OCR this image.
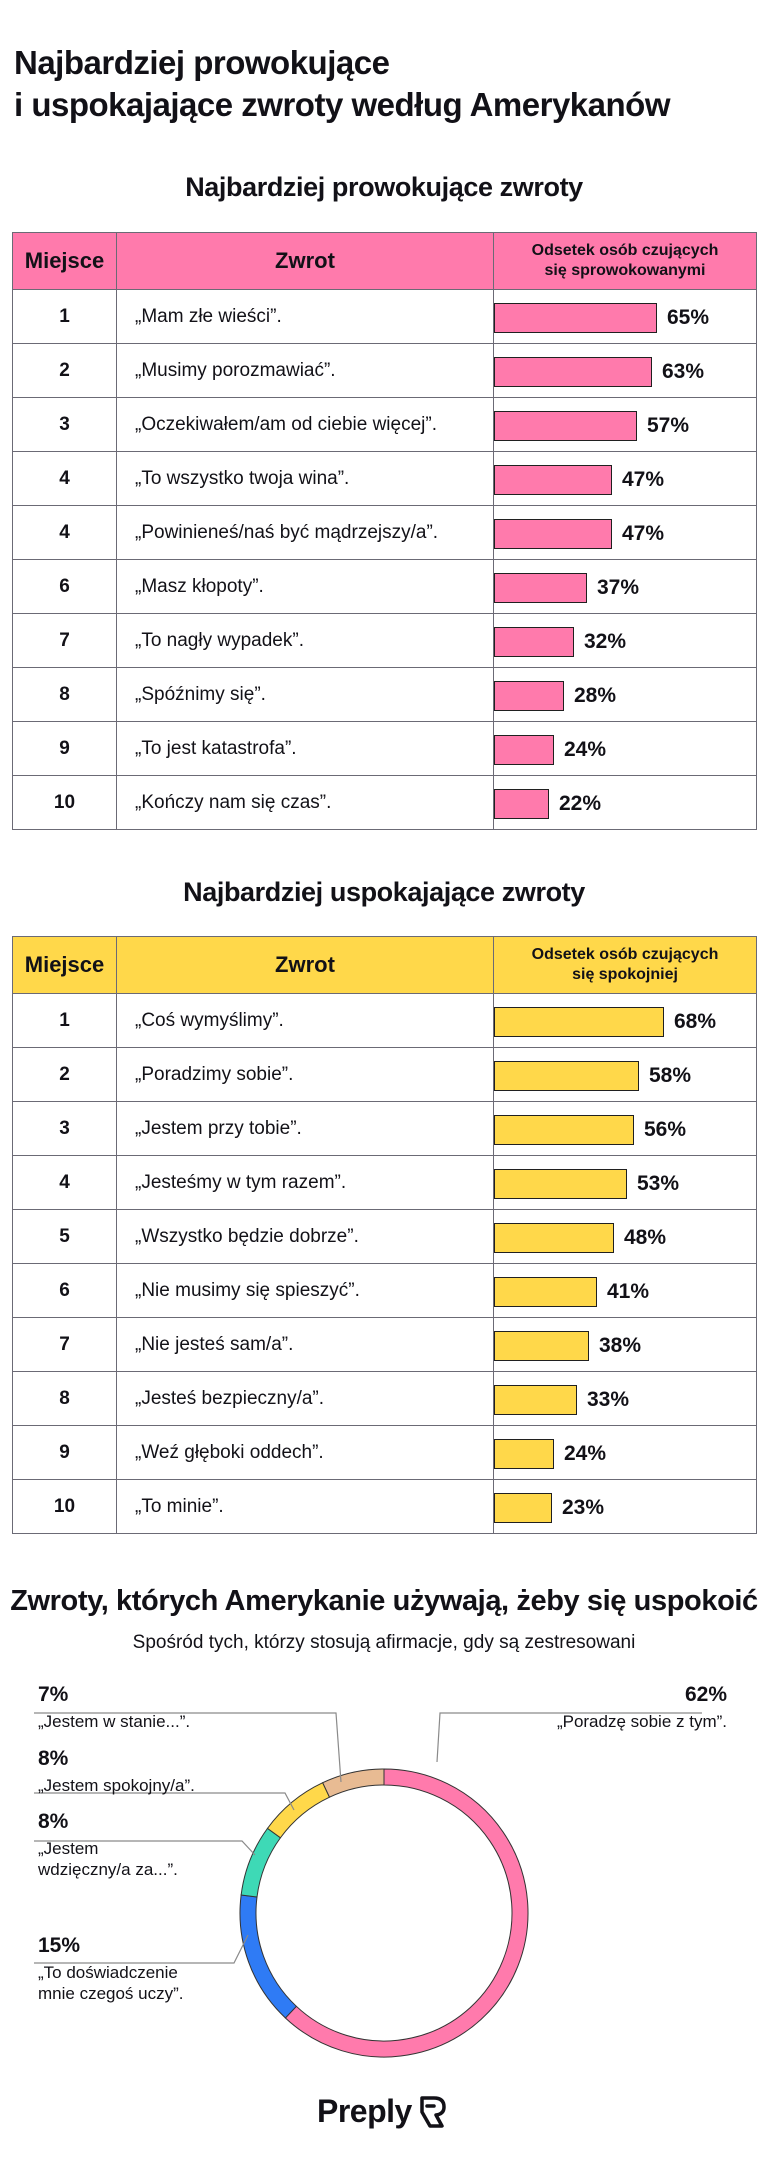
Najbardziej prowokujące
i uspokajające zwroty według Amerykanów
Najbardziej prowokujące zwroty
Miejsce	Zwrot	Odsetek osób czujących
się sprowokowanymi
1	„Mam złe wieści”.	65%

2	„Musimy porozmawiać”.	63%

3	„Oczekiwałem/am od ciebie więcej”.	57%

4	„To wszystko twoja wina”.	47%

4	„Powinieneś/naś być mądrzejszy/a”.	47%

6	„Masz kłopoty”.	37%

7	„To nagły wypadek”.	32%

8	„Spóźnimy się”.	28%

9	„To jest katastrofa”.	24%

10	„Kończy nam się czas”.	22%
Najbardziej uspokajające zwroty
Miejsce	Zwrot	Odsetek osób czujących
się spokojniej
1	„Coś wymyślimy”.	68%

2	„Poradzimy sobie”.	58%

3	„Jestem przy tobie”.	56%

4	„Jesteśmy w tym razem”.	53%

5	„Wszystko będzie dobrze”.	48%

6	„Nie musimy się spieszyć”.	41%

7	„Nie jesteś sam/a”.	38%

8	„Jesteś bezpieczny/a”.	33%

9	„Weź głęboki oddech”.	24%

10	„To minie”.	23%
Zwroty, których Amerykanie używają, żeby się uspokoić
Spośród tych, którzy stosują afirmacje, gdy są zestresowani
62%
„Poradzę sobie z tym”.
7%
„Jestem w stanie...”.
8%
„Jestem spokojny/a”.
8%
„Jestem
wdzięczny/a za...”.
15%
„To doświadczenie
mnie czegoś uczy”.
Preply
